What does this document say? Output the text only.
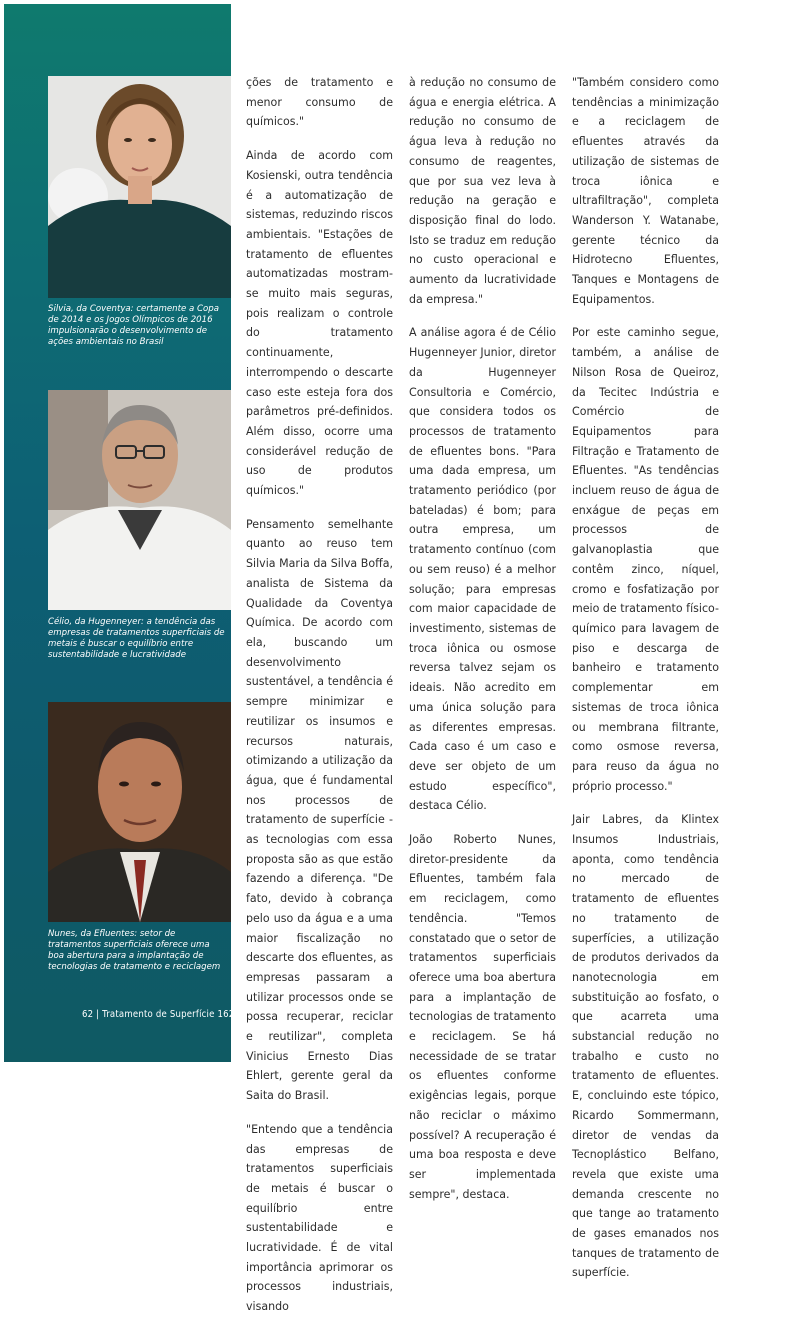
Silvia, da Coventya: certamente a Copa de 2014 e os Jogos Olímpicos de 2016 impulsionarão o desenvolvimento de ações ambientais no Brasil
Célio, da Hugenneyer: a tendência das empresas de tratamentos superficiais de metais é buscar o equilíbrio entre sustentabilidade e lucratividade
Nunes, da Efluentes: setor de tratamentos superficiais oferece uma boa abertura para a implantação de tecnologias de tratamento e reciclagem
62 | Tratamento de Superfície 162

ções de tratamento e menor consumo de químicos."

Ainda de acordo com Kosienski, outra tendência é a automatização de sistemas, reduzindo riscos ambientais. "Estações de tratamento de efluentes automatizadas mostram-se muito mais seguras, pois realizam o controle do tratamento continuamente, interrompendo o descarte caso este esteja fora dos parâmetros pré-definidos. Além disso, ocorre uma considerável redução de uso de produtos químicos."

Pensamento semelhante quanto ao reuso tem Silvia Maria da Silva Boffa, analista de Sistema da Qualidade da Coventya Química. De acordo com ela, buscando um desenvolvimento sustentável, a tendência é sempre minimizar e reutilizar os insumos e recursos naturais, otimizando a utilização da água, que é fundamental nos processos de tratamento de superfície - as tecnologias com essa proposta são as que estão fazendo a diferença. "De fato, devido à cobrança pelo uso da água e a uma maior fiscalização no descarte dos efluentes, as empresas passaram a utilizar processos onde se possa recuperar, reciclar e reutilizar", completa Vinicius Ernesto Dias Ehlert, gerente geral da Saita do Brasil.

"Entendo que a tendência das empresas de tratamentos superficiais de metais é buscar o equilíbrio entre sustentabilidade e lucratividade. É de vital importância aprimorar os processos industriais, visando

à redução no consumo de água e energia elétrica. A redução no consumo de água leva à redução no consumo de reagentes, que por sua vez leva à redução na geração e disposição final do lodo. Isto se traduz em redução no custo operacional e aumento da lucratividade da empresa."

A análise agora é de Célio Hugenneyer Junior, diretor da Hugenneyer Consultoria e Comércio, que considera todos os processos de tratamento de efluentes bons. "Para uma dada empresa, um tratamento periódico (por bateladas) é bom; para outra empresa, um tratamento contínuo (com ou sem reuso) é a melhor solução; para empresas com maior capacidade de investimento, sistemas de troca iônica ou osmose reversa talvez sejam os ideais. Não acredito em uma única solução para as diferentes empresas. Cada caso é um caso e deve ser objeto de um estudo específico", destaca Célio.

João Roberto Nunes, diretor-presidente da Efluentes, também fala em reciclagem, como tendência. "Temos constatado que o setor de tratamentos superficiais oferece uma boa abertura para a implantação de tecnologias de tratamento e reciclagem. Se há necessidade de se tratar os efluentes conforme exigências legais, porque não reciclar o máximo possível? A recuperação é uma boa resposta e deve ser implementada sempre", destaca.

"Também considero como tendências a minimização e a reciclagem de efluentes através da utilização de sistemas de troca iônica e ultrafiltração", completa Wanderson Y. Watanabe, gerente técnico da Hidrotecno Efluentes, Tanques e Montagens de Equipamentos.

Por este caminho segue, também, a análise de Nilson Rosa de Queiroz, da Tecitec Indústria e Comércio de Equipamentos para Filtração e Tratamento de Efluentes. "As tendências incluem reuso de água de enxágue de peças em processos de galvanoplastia que contêm zinco, níquel, cromo e fosfatização por meio de tratamento físico-químico para lavagem de piso e descarga de banheiro e tratamento complementar em sistemas de troca iônica ou membrana filtrante, como osmose reversa, para reuso da água no próprio processo."

Jair Labres, da Klintex Insumos Industriais, aponta, como tendência no mercado de tratamento de efluentes no tratamento de superfícies, a utilização de produtos derivados da nanotecnologia em substituição ao fosfato, o que acarreta uma substancial redução no trabalho e custo no tratamento de efluentes. E, concluindo este tópico, Ricardo Sommermann, diretor de vendas da Tecnoplástico Belfano, revela que existe uma demanda crescente no que tange ao tratamento de gases emanados nos tanques de tratamento de superfície.
